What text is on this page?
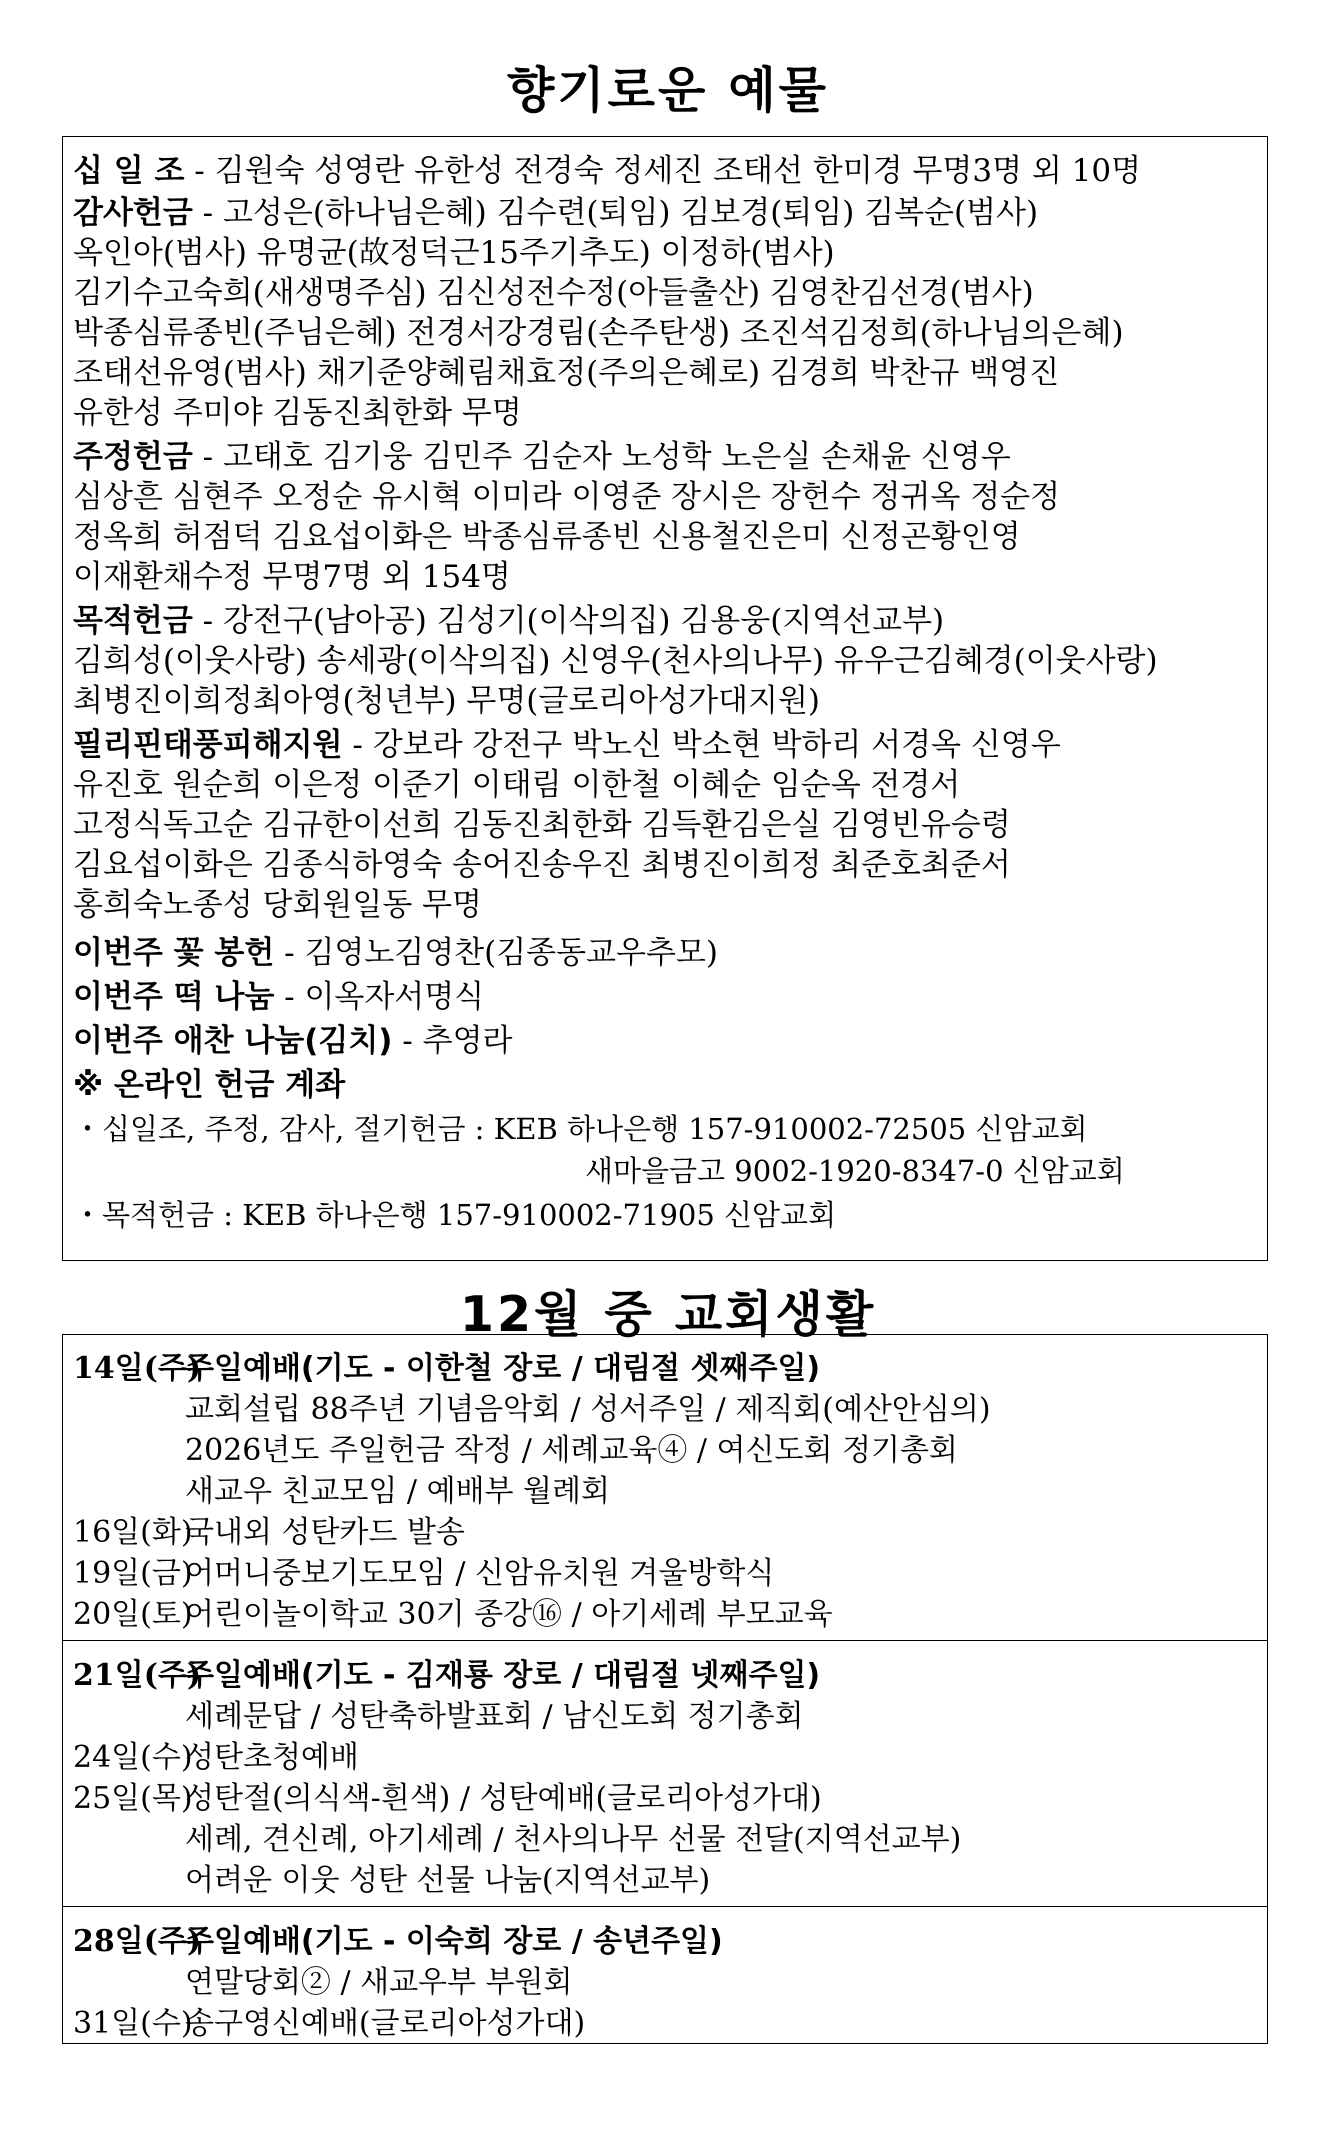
향기로운 예물
십 일 조 - 김원숙 성영란 유한성 전경숙 정세진 조태선 한미경 무명3명 외 10명
감사헌금 - 고성은(하나님은혜) 김수련(퇴임) 김보경(퇴임) 김복순(범사)
옥인아(범사) 유명균(故정덕근15주기추도) 이정하(범사)
김기수고숙희(새생명주심) 김신성전수정(아들출산) 김영찬김선경(범사)
박종심류종빈(주님은혜) 전경서강경림(손주탄생) 조진석김정희(하나님의은혜)
조태선유영(범사) 채기준양혜림채효정(주의은혜로) 김경희 박찬규 백영진
유한성 주미야 김동진최한화 무명
주정헌금 - 고태호 김기웅 김민주 김순자 노성학 노은실 손채윤 신영우
심상흔 심현주 오정순 유시혁 이미라 이영준 장시은 장헌수 정귀옥 정순정
정옥희 허점덕 김요섭이화은 박종심류종빈 신용철진은미 신정곤황인영
이재환채수정 무명7명 외 154명
목적헌금 - 강전구(남아공) 김성기(이삭의집) 김용웅(지역선교부)
김희성(이웃사랑) 송세광(이삭의집) 신영우(천사의나무) 유우근김혜경(이웃사랑)
최병진이희정최아영(청년부) 무명(글로리아성가대지원)
필리핀태풍피해지원 - 강보라 강전구 박노신 박소현 박하리 서경옥 신영우
유진호 원순희 이은정 이준기 이태림 이한철 이혜순 임순옥 전경서
고정식독고순 김규한이선희 김동진최한화 김득환김은실 김영빈유승령
김요섭이화은 김종식하영숙 송어진송우진 최병진이희정 최준호최준서
홍희숙노종성 당회원일동 무명
이번주 꽃 봉헌 - 김영노김영찬(김종동교우추모)
이번주 떡 나눔 - 이옥자서명식
이번주 애찬 나눔(김치) - 추영라
※ 온라인 헌금 계좌
・십일조, 주정, 감사, 절기헌금 : KEB 하나은행 157-910002-72505 신암교회
새마을금고 9002-1920-8347-0 신암교회
・목적헌금 : KEB 하나은행 157-910002-71905 신암교회
12월 중 교회생활
14일(주)
주일예배(기도 - 이한철 장로 / 대림절 셋째주일)
교회설립 88주년 기념음악회 / 성서주일 / 제직회(예산안심의)
2026년도 주일헌금 작정 / 세례교육④ / 여신도회 정기총회
새교우 친교모임 / 예배부 월례회
16일(화)
국내외 성탄카드 발송
19일(금)
어머니중보기도모임 / 신암유치원 겨울방학식
20일(토)
어린이놀이학교 30기 종강⑯ / 아기세례 부모교육
21일(주)
주일예배(기도 - 김재룡 장로 / 대림절 넷째주일)
세례문답 / 성탄축하발표회 / 남신도회 정기총회
24일(수)
성탄초청예배
25일(목)
성탄절(의식색-흰색) / 성탄예배(글로리아성가대)
세례, 견신례, 아기세례 / 천사의나무 선물 전달(지역선교부)
어려운 이웃 성탄 선물 나눔(지역선교부)
28일(주)
주일예배(기도 - 이숙희 장로 / 송년주일)
연말당회② / 새교우부 부원회
31일(수)
송구영신예배(글로리아성가대)
